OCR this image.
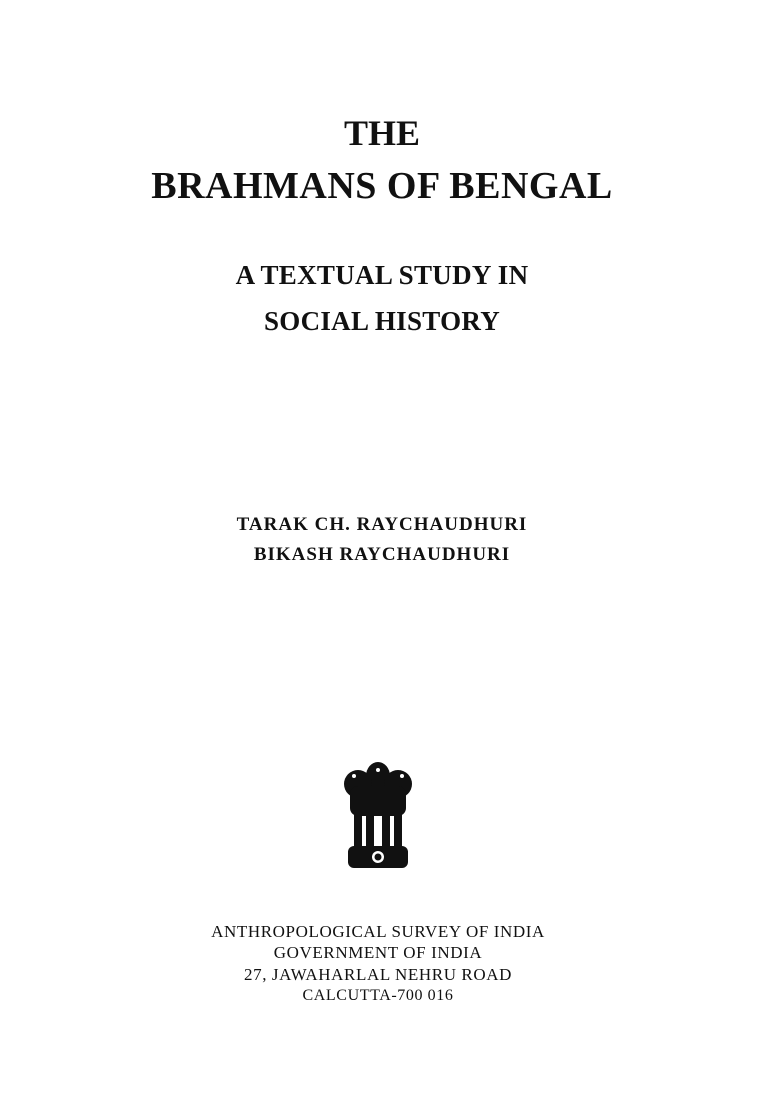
THE
BRAHMANS OF BENGAL
A TEXTUAL STUDY IN
SOCIAL HISTORY
TARAK CH. RAYCHAUDHURI
BIKASH RAYCHAUDHURI
ANTHROPOLOGICAL SURVEY OF INDIA
GOVERNMENT OF INDIA
27, JAWAHARLAL NEHRU ROAD
CALCUTTA-700 016
